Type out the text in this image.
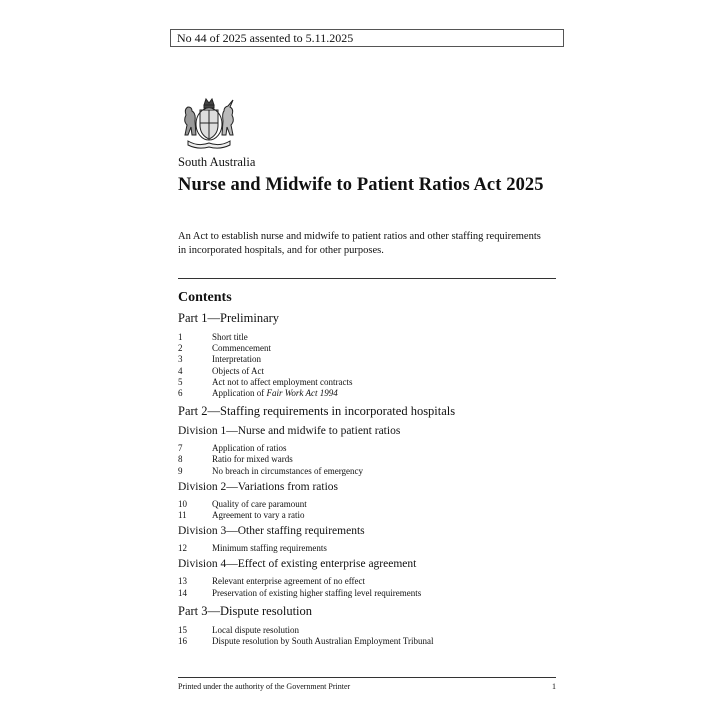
No 44 of 2025 assented to 5.11.2025
South Australia
Nurse and Midwife to Patient Ratios Act 2025
An Act to establish nurse and midwife to patient ratios and other staffing requirements in incorporated hospitals, and for other purposes.
Contents
Part 1—Preliminary
1	Short title
2	Commencement
3	Interpretation
4	Objects of Act
5	Act not to affect employment contracts
6	Application of Fair Work Act 1994
Part 2—Staffing requirements in incorporated hospitals
Division 1—Nurse and midwife to patient ratios
7	Application of ratios
8	Ratio for mixed wards
9	No breach in circumstances of emergency
Division 2—Variations from ratios
10	Quality of care paramount
11	Agreement to vary a ratio
Division 3—Other staffing requirements
12	Minimum staffing requirements
Division 4—Effect of existing enterprise agreement
13	Relevant enterprise agreement of no effect
14	Preservation of existing higher staffing level requirements
Part 3—Dispute resolution
15	Local dispute resolution
16	Dispute resolution by South Australian Employment Tribunal
Printed under the authority of the Government Printer	1
